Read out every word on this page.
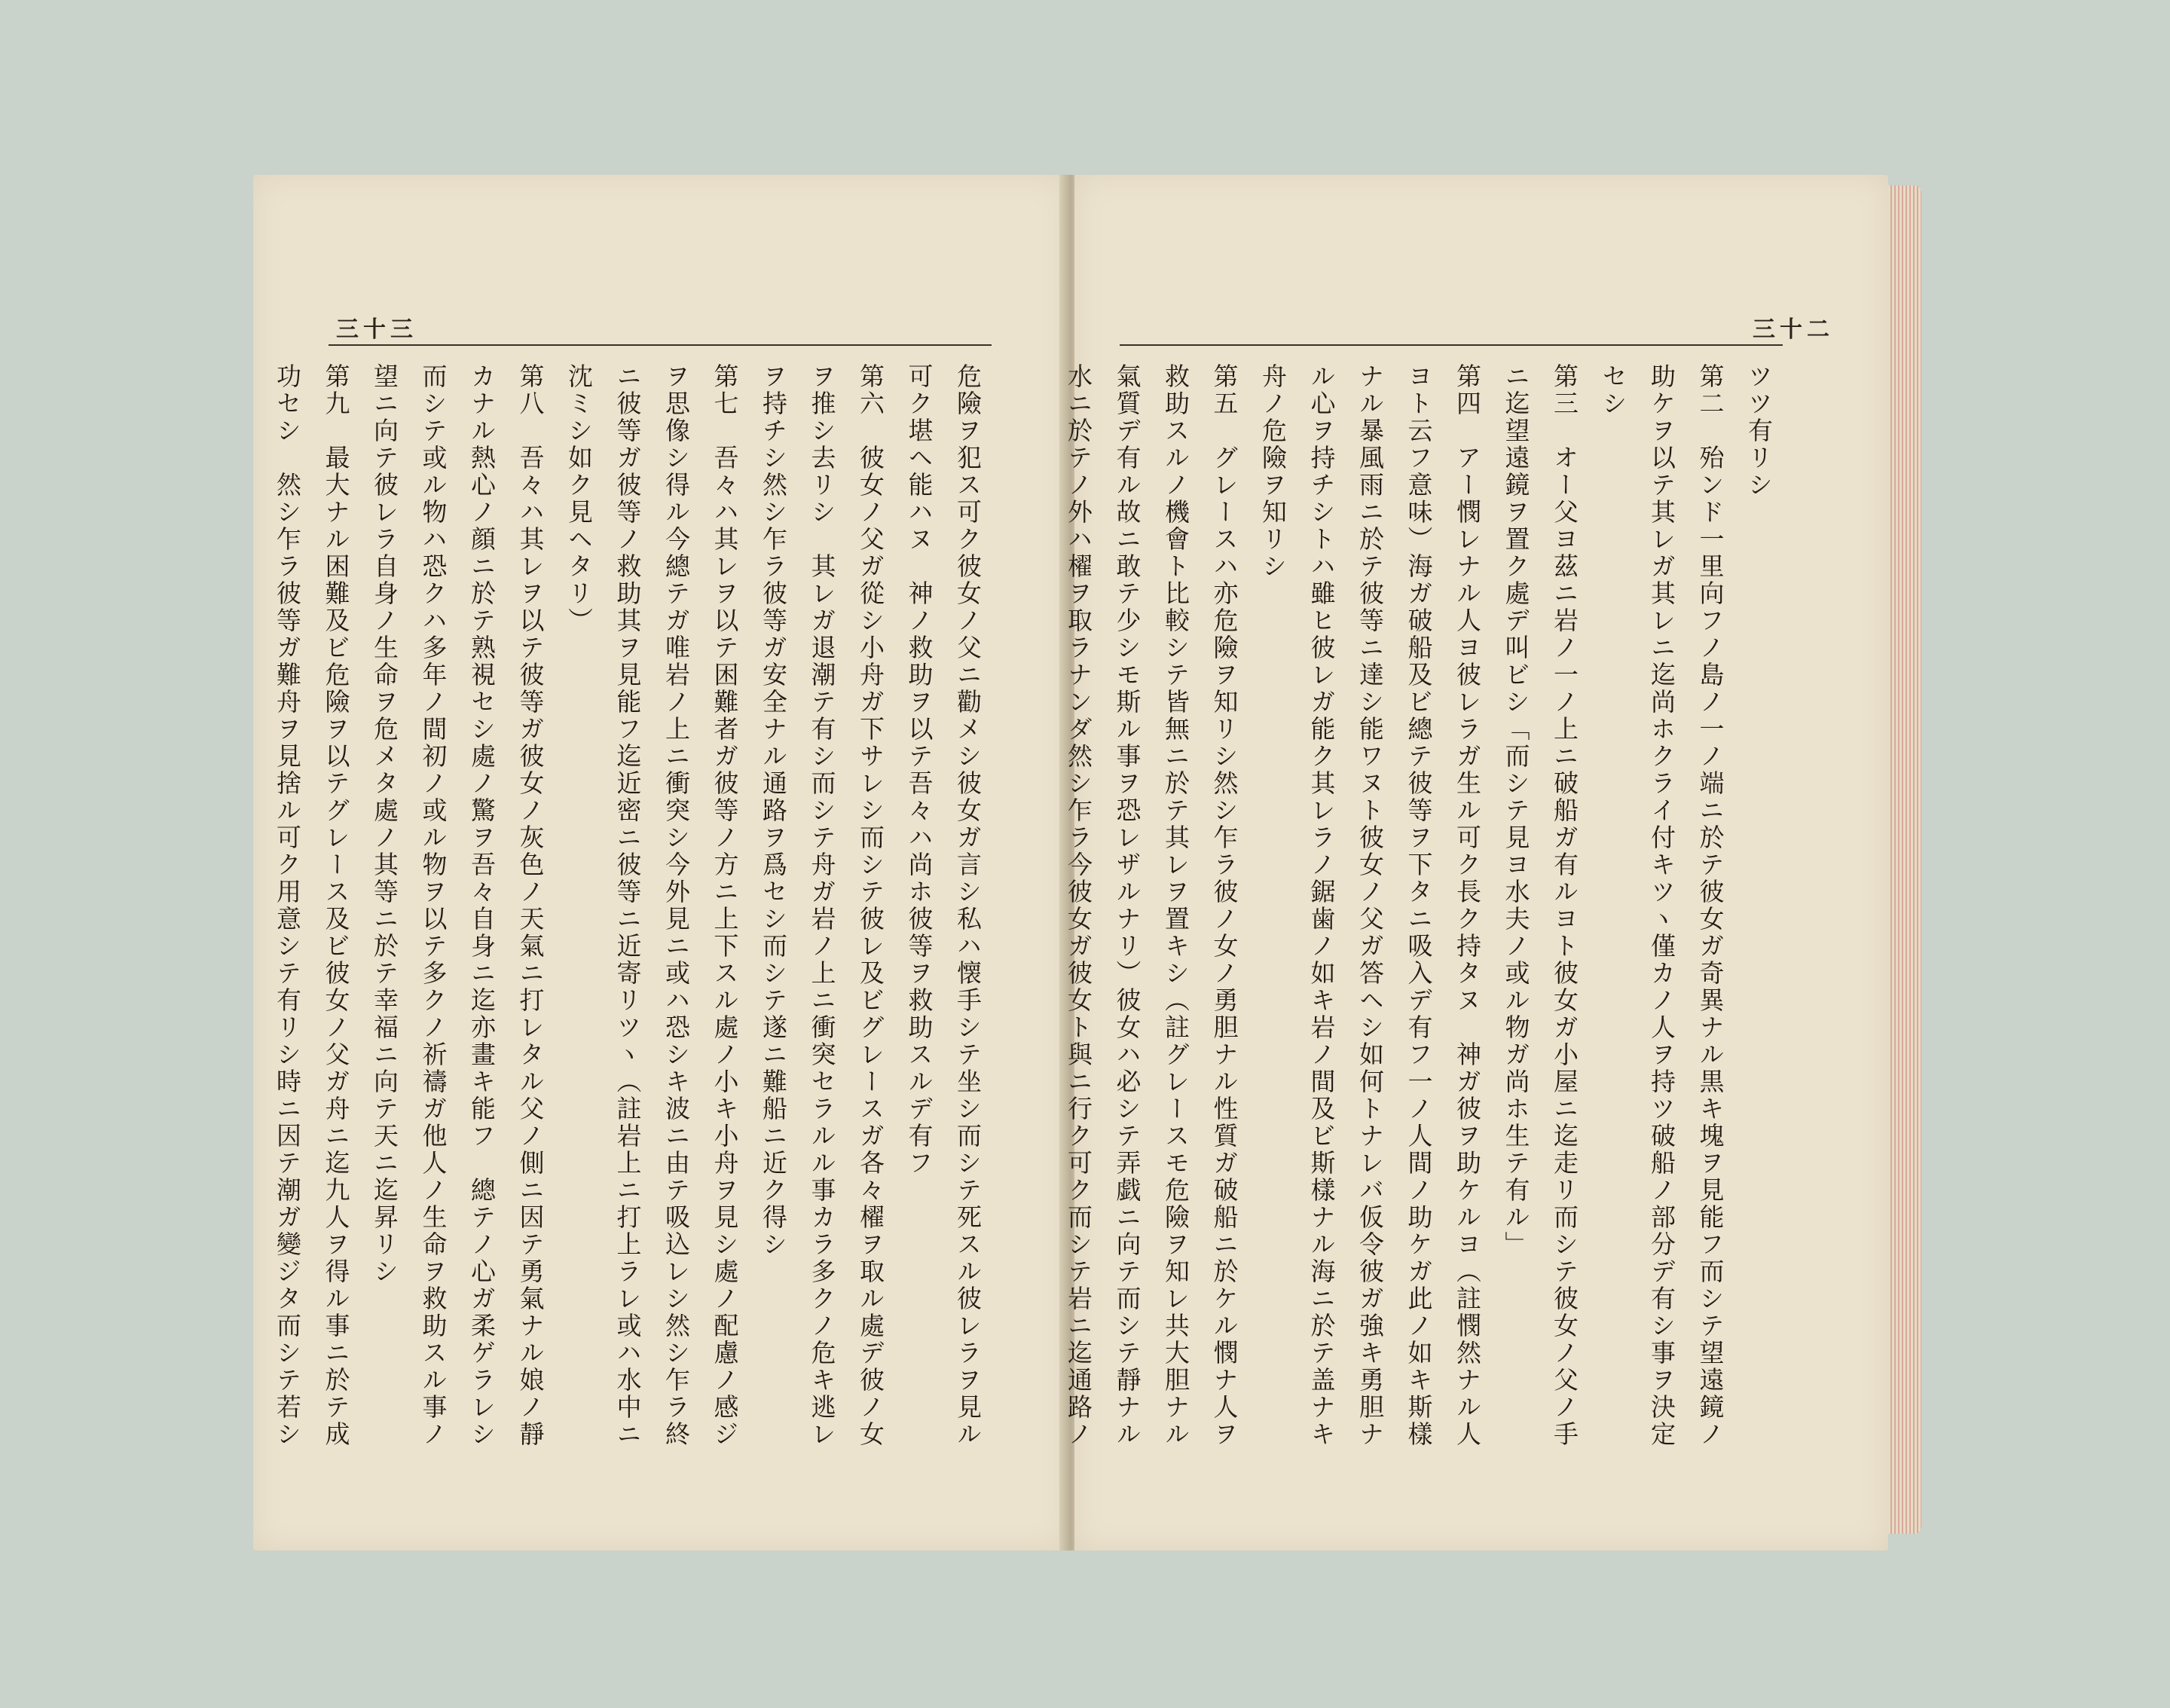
三十三
危險ヲ犯ス可ク彼女ノ父ニ勸メシ彼女ガ言シ私ハ懐手シテ坐シ而シテ死スル彼レラヲ見ル
可ク堪ヘ能ハヌ　神ノ救助ヲ以テ吾々ハ尚ホ彼等ヲ救助スルデ有フ
第六　彼女ノ父ガ從シ小舟ガ下サレシ而シテ彼レ及ビグレースガ各々櫂ヲ取ル處デ彼ノ女
ヲ推シ去リシ　其レガ退潮テ有シ而シテ舟ガ岩ノ上ニ衝突セラルル事カラ多クノ危キ逃レ
ヲ持チシ然シ乍ラ彼等ガ安全ナル通路ヲ爲セシ而シテ遂ニ難船ニ近ク得シ
第七　吾々ハ其レヲ以テ困難者ガ彼等ノ方ニ上下スル處ノ小キ小舟ヲ見シ處ノ配慮ノ感ジ
ヲ思像シ得ル今總テガ唯岩ノ上ニ衝突シ今外見ニ或ハ恐シキ波ニ由テ吸込レシ然シ乍ラ終
ニ彼等ガ彼等ノ救助其ヲ見能フ迄近密ニ彼等ニ近寄リツヽ（註岩上ニ打上ラレ或ハ水中ニ
沈ミシ如ク見ヘタリ）
第八　吾々ハ其レヲ以テ彼等ガ彼女ノ灰色ノ天氣ニ打レタル父ノ側ニ因テ勇氣ナル娘ノ靜
カナル熱心ノ顔ニ於テ熟視セシ處ノ驚ヲ吾々自身ニ迄亦畫キ能フ　總テノ心ガ柔ゲラレシ
而シテ或ル物ハ恐クハ多年ノ間初ノ或ル物ヲ以テ多クノ祈禱ガ他人ノ生命ヲ救助スル事ノ
望ニ向テ彼レラ自身ノ生命ヲ危メタ處ノ其等ニ於テ幸福ニ向テ天ニ迄昇リシ
第九　最大ナル困難及ビ危險ヲ以テグレース及ビ彼女ノ父ガ舟ニ迄九人ヲ得ル事ニ於テ成
功セシ　然シ乍ラ彼等ガ難舟ヲ見捨ル可ク用意シテ有リシ時ニ因テ潮ガ變ジタ而シテ若シ
三十二
ツツ有リシ
第二　殆ンド一里向フノ島ノ一ノ端ニ於テ彼女ガ奇異ナル黒キ塊ヲ見能フ而シテ望遠鏡ノ
助ケヲ以テ其レガ其レニ迄尚ホクライ付キツヽ僅カノ人ヲ持ツ破船ノ部分デ有シ事ヲ決定
セシ
第三　オー父ヨ茲ニ岩ノ一ノ上ニ破船ガ有ルヨト彼女ガ小屋ニ迄走リ而シテ彼女ノ父ノ手
ニ迄望遠鏡ヲ置ク處デ叫ビシ「而シテ見ヨ水夫ノ或ル物ガ尚ホ生テ有ル」
第四　アー憫レナル人ヨ彼レラガ生ル可ク長ク持タヌ　神ガ彼ヲ助ケルヨ（註憫然ナル人
ヨト云フ意味）海ガ破船及ビ總テ彼等ヲ下タニ吸入デ有フ一ノ人間ノ助ケガ此ノ如キ斯樣
ナル暴風雨ニ於テ彼等ニ達シ能ワヌト彼女ノ父ガ答ヘシ如何トナレバ仮令彼ガ強キ勇胆ナ
ル心ヲ持チシトハ雖ヒ彼レガ能ク其レラノ鋸歯ノ如キ岩ノ間及ビ斯樣ナル海ニ於テ盖ナキ
舟ノ危險ヲ知リシ
第五　グレースハ亦危險ヲ知リシ然シ乍ラ彼ノ女ノ勇胆ナル性質ガ破船ニ於ケル憫ナ人ヲ
救助スルノ機會ト比較シテ皆無ニ於テ其レヲ置キシ（註グレースモ危險ヲ知レ共大胆ナル
氣質デ有ル故ニ敢テ少シモ斯ル事ヲ恐レザルナリ）彼女ハ必シテ弄戯ニ向テ而シテ靜ナル
水ニ於テノ外ハ櫂ヲ取ラナンダ然シ乍ラ今彼女ガ彼女ト與ニ行ク可ク而シテ岩ニ迄通路ノ
